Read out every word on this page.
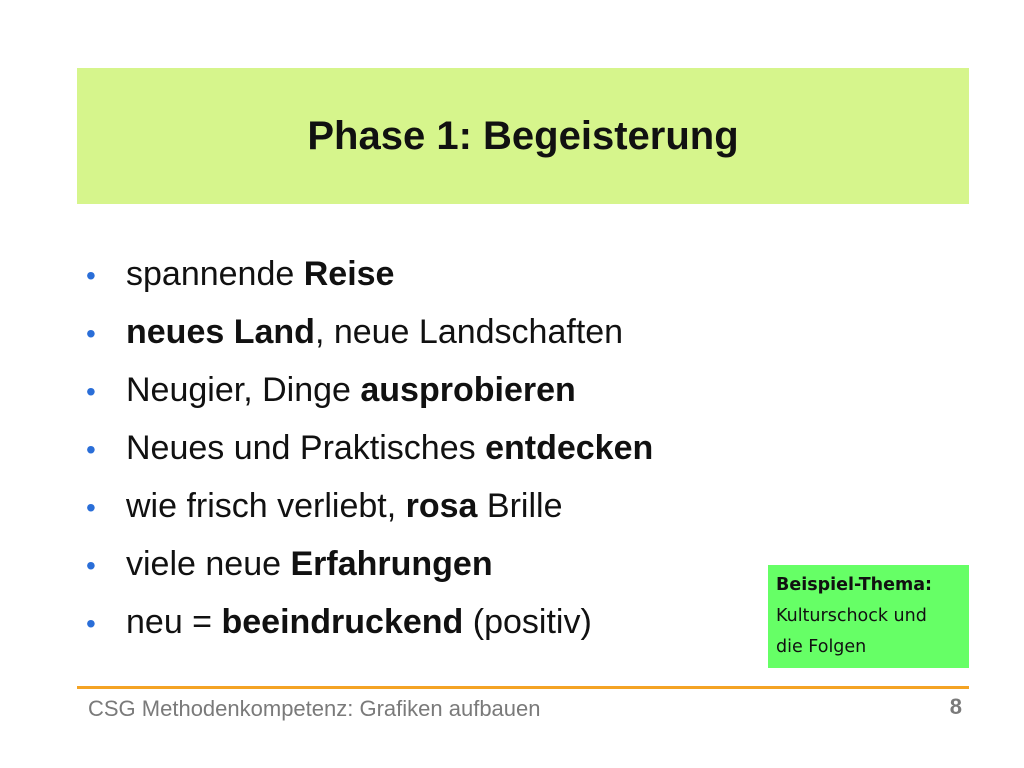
Phase 1: Begeisterung
• spannende Reise
• neues Land, neue Landschaften
• Neugier, Dinge ausprobieren
• Neues und Praktisches entdecken
• wie frisch verliebt, rosa Brille
• viele neue Erfahrungen
• neu = beeindruckend (positiv)
Beispiel-Thema:
Kulturschock und
die Folgen
CSG Methodenkompetenz: Grafiken aufbauen	8
